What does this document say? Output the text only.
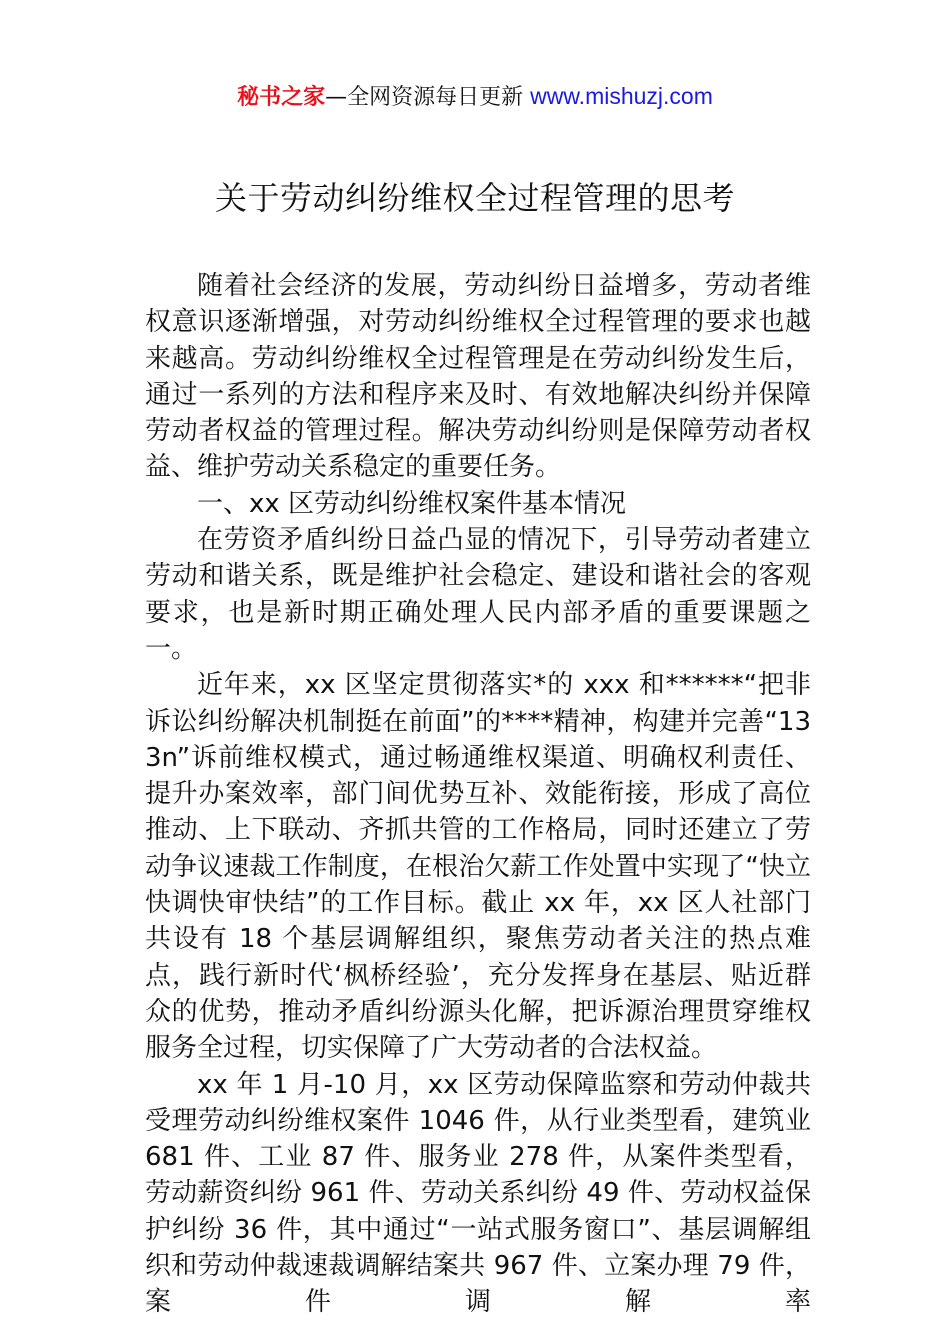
秘书之家—全网资源每日更新 www.mishuzj.com
关于劳动纠纷维权全过程管理的思考

随着社会经济的发展，劳动纠纷日益增多，劳动者维权意识逐渐增强，对劳动纠纷维权全过程管理的要求也越来越高。劳动纠纷维权全过程管理是在劳动纠纷发生后，通过一系列的方法和程序来及时、有效地解决纠纷并保障劳动者权益的管理过程。解决劳动纠纷则是保障劳动者权益、维护劳动关系稳定的重要任务。

一、xx 区劳动纠纷维权案件基本情况

在劳资矛盾纠纷日益凸显的情况下，引导劳动者建立劳动和谐关系，既是维护社会稳定、建设和谐社会的客观要求，也是新时期正确处理人民内部矛盾的重要课题之一。

近年来，xx 区坚定贯彻落实*的 xxx 和******“把非诉讼纠纷解决机制挺在前面”的****精神，构建并完善“133n”诉前维权模式，通过畅通维权渠道、明确权利责任、提升办案效率，部门间优势互补、效能衔接，形成了高位推动、上下联动、齐抓共管的工作格局，同时还建立了劳动争议速裁工作制度，在根治欠薪工作处置中实现了“快立快调快审快结”的工作目标。截止 xx 年，xx 区人社部门共设有 18 个基层调解组织，聚焦劳动者关注的热点难点，践行新时代‘枫桥经验’，充分发挥身在基层、贴近群众的优势，推动矛盾纠纷源头化解，把诉源治理贯穿维权服务全过程，切实保障了广大劳动者的合法权益。

xx 年 1 月-10 月，xx 区劳动保障监察和劳动仲裁共受理劳动纠纷维权案件 1046 件，从行业类型看，建筑业 681 件、工业 87 件、服务业 278 件，从案件类型看，劳动薪资纠纷 961 件、劳动关系纠纷 49 件、劳动权益保护纠纷 36 件，其中通过“一站式服务窗口”、基层调解组织和劳动仲裁速裁调解结案共 967 件、立案办理 79 件，案件调解率
